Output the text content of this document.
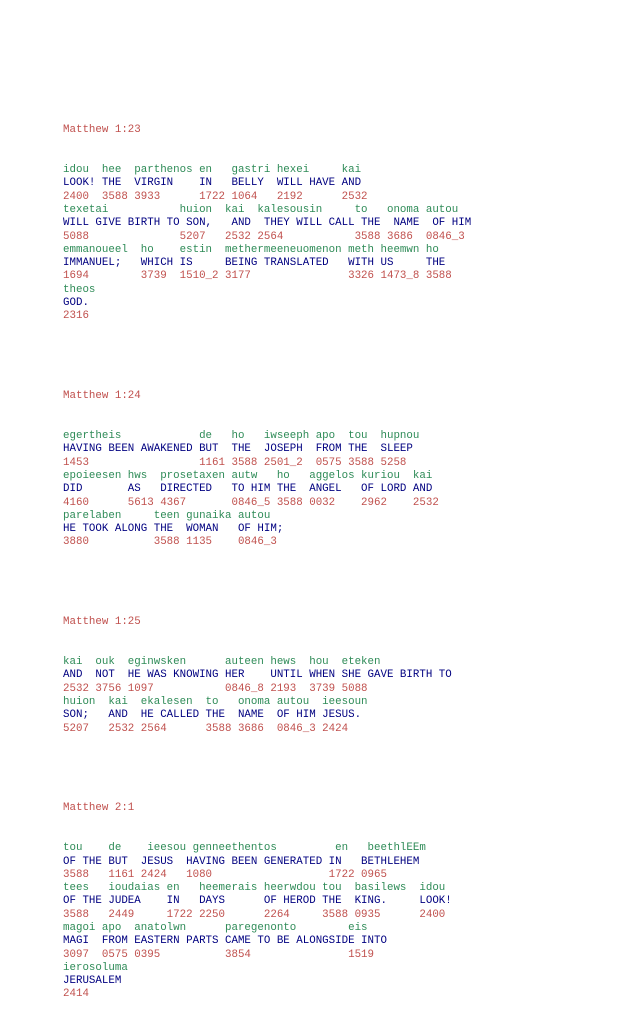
Matthew 1:23

idou  hee  parthenos en   gastri hexei     kai
LOOK! THE  VIRGIN    IN   BELLY  WILL HAVE AND
2400  3588 3933      1722 1064   2192      2532
texetai           huion  kai  kalesousin     to   onoma autou
WILL GIVE BIRTH TO SON,   AND  THEY WILL CALL THE  NAME  OF HIM
5088              5207   2532 2564           3588 3686  0846_3
emmanoueel  ho    estin  methermeeneuomenon meth heemwn ho
IMMANUEL;   WHICH IS     BEING TRANSLATED   WITH US     THE
1694        3739  1510_2 3177               3326 1473_8 3588
theos
GOD.
2316

Matthew 1:24

egertheis            de   ho   iwseeph apo  tou  hupnou
HAVING BEEN AWAKENED BUT  THE  JOSEPH  FROM THE  SLEEP
1453                 1161 3588 2501_2  0575 3588 5258
epoieesen hws  prosetaxen autw   ho   aggelos kuriou  kai
DID       AS   DIRECTED   TO HIM THE  ANGEL   OF LORD AND
4160      5613 4367       0846_5 3588 0032    2962    2532
parelaben     teen gunaika autou
HE TOOK ALONG THE  WOMAN   OF HIM;
3880          3588 1135    0846_3

Matthew 1:25

kai  ouk  eginwsken      auteen hews  hou  eteken
AND  NOT  HE WAS KNOWING HER    UNTIL WHEN SHE GAVE BIRTH TO
2532 3756 1097           0846_8 2193  3739 5088
huion  kai  ekalesen  to   onoma autou  ieesoun
SON;   AND  HE CALLED THE  NAME  OF HIM JESUS.
5207   2532 2564      3588 3686  0846_3 2424

Matthew 2:1

tou    de    ieesou genneethentos         en   beethlEEm
OF THE BUT  JESUS  HAVING BEEN GENERATED IN   BETHLEHEM
3588   1161 2424   1080                  1722 0965
tees   ioudaias en   heemerais heerwdou tou  basilews  idou
OF THE JUDEA    IN   DAYS      OF HEROD THE  KING.     LOOK!
3588   2449     1722 2250      2264     3588 0935      2400
magoi apo  anatolwn      paregenonto        eis
MAGI  FROM EASTERN PARTS CAME TO BE ALONGSIDE INTO
3097  0575 0395          3854               1519
ierosoluma
JERUSALEM
2414
